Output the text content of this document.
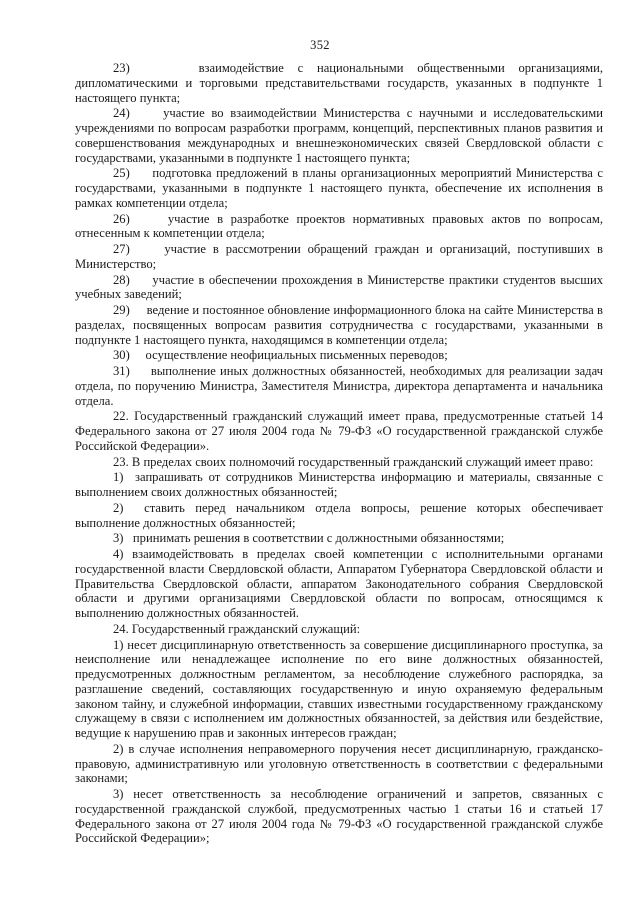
352

23)     взаимодействие с национальными общественными организациями, дипломатическими и торговыми представительствами государств, указанных в подпункте 1 настоящего пункта;

24)     участие во взаимодействии Министерства с научными и исследовательскими учреждениями по вопросам разработки программ, концепций, перспективных планов развития и совершенствования международных и внешнеэкономических связей Свердловской области с государствами, указанными в подпункте 1 настоящего пункта;

25)     подготовка предложений в планы организационных мероприятий Министерства с государствами, указанными в подпункте 1 настоящего пункта, обеспечение их исполнения в рамках компетенции отдела;

26)     участие в разработке проектов нормативных правовых актов по вопросам, отнесенным к компетенции отдела;

27)     участие в рассмотрении обращений граждан и организаций, поступивших в Министерство;

28)     участие в обеспечении прохождения в Министерстве практики студентов высших учебных заведений;

29)     ведение и постоянное обновление информационного блока на сайте Министерства в разделах, посвященных вопросам развития сотрудничества с государствами, указанными в подпункте 1 настоящего пункта, находящимся в компетенции отдела;

30)     осуществление неофициальных письменных переводов;

31)     выполнение иных должностных обязанностей, необходимых для реализации задач отдела, по поручению Министра, Заместителя Министра, директора департамента и начальника отдела.

22. Государственный гражданский служащий имеет права, предусмотренные статьей 14 Федерального закона от 27 июля 2004 года № 79-ФЗ «О государственной гражданской службе Российской Федерации».

23. В пределах своих полномочий государственный гражданский служащий имеет право:

1)  запрашивать от сотрудников Министерства информацию и материалы, связанные с выполнением своих должностных обязанностей;

2)  ставить перед начальником отдела вопросы, решение которых обеспечивает выполнение должностных обязанностей;

3)   принимать решения в соответствии с должностными обязанностями;

4) взаимодействовать в пределах своей компетенции с исполнительными органами государственной власти Свердловской области, Аппаратом Губернатора Свердловской области и Правительства Свердловской области, аппаратом Законодательного собрания Свердловской области и другими организациями Свердловской области по вопросам, относящимся к выполнению должностных обязанностей.

24. Государственный гражданский служащий:

1) несет дисциплинарную ответственность за совершение дисциплинарного проступка, за неисполнение или ненадлежащее исполнение по его вине должностных обязанностей, предусмотренных должностным регламентом, за несоблюдение служебного распорядка, за разглашение сведений, составляющих государственную и иную охраняемую федеральным законом тайну, и служебной информации, ставших известными государственному гражданскому служащему в связи с исполнением им должностных обязанностей, за действия или бездействие, ведущие к нарушению прав и законных интересов граждан;

2) в случае исполнения неправомерного поручения несет дисциплинарную, гражданско-правовую, административную или уголовную ответственность в соответствии с федеральными законами;

3) несет ответственность за несоблюдение ограничений и запретов, связанных с государственной гражданской службой, предусмотренных частью 1 статьи 16 и статьей 17 Федерального закона от 27 июля 2004 года № 79-ФЗ «О государственной гражданской службе Российской Федерации»;
